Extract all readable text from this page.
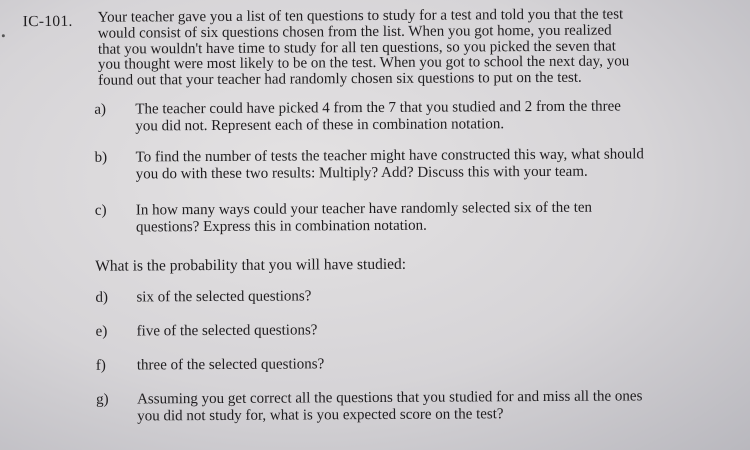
IC-101. Your teacher gave you a list of ten questions to study for a test and told you that the test
would consist of six questions chosen from the list. When you got home, you realized
that you wouldn't have time to study for all ten questions, so you picked the seven that
you thought were most likely to be on the test. When you got to school the next day, you
found out that your teacher had randomly chosen six questions to put on the test.
a) The teacher could have picked 4 from the 7 that you studied and 2 from the three
you did not. Represent each of these in combination notation.
b) To find the number of tests the teacher might have constructed this way, what should
you do with these two results: Multiply? Add? Discuss this with your team.
c) In how many ways could your teacher have randomly selected six of the ten
questions? Express this in combination notation.
What is the probability that you will have studied:
d) six of the selected questions?
e) five of the selected questions?
f) three of the selected questions?
g) Assuming you get correct all the questions that you studied for and miss all the ones
you did not study for, what is you expected score on the test?
